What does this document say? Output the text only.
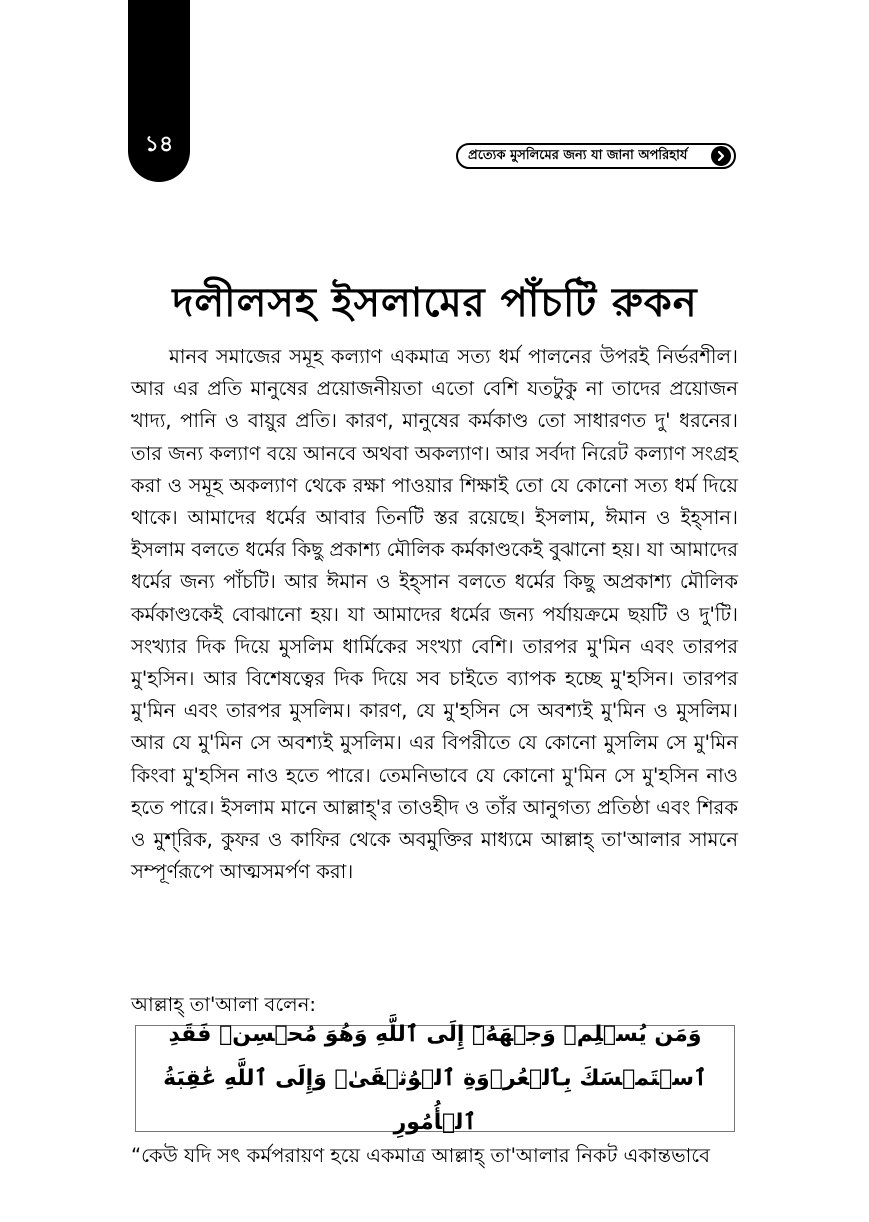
১৪	প্রত্যেক মুসলিমের জন্য যা জানা অপরিহার্য
দলীলসহ ইসলামের পাঁচটি রুকন

মানব সমাজের সমূহ কল্যাণ একমাত্র সত্য ধর্ম পালনের উপরই নির্ভরশীল। আর এর প্রতি মানুষের প্রয়োজনীয়তা এতো বেশি যতটুকু না তাদের প্রয়োজন খাদ্য, পানি ও বায়ুর প্রতি। কারণ, মানুষের কর্মকাণ্ড তো সাধারণত দু' ধরনের। তার জন্য কল্যাণ বয়ে আনবে অথবা অকল্যাণ। আর সর্বদা নিরেট কল্যাণ সংগ্রহ করা ও সমূহ অকল্যাণ থেকে রক্ষা পাওয়ার শিক্ষাই তো যে কোনো সত্য ধর্ম দিয়ে থাকে। আমাদের ধর্মের আবার তিনটি স্তর রয়েছে। ইসলাম, ঈমান ও ইহ্সান। ইসলাম বলতে ধর্মের কিছু প্রকাশ্য মৌলিক কর্মকাণ্ডকেই বুঝানো হয়। যা আমাদের ধর্মের জন্য পাঁচটি। আর ঈমান ও ইহ্সান বলতে ধর্মের কিছু অপ্রকাশ্য মৌলিক কর্মকাণ্ডকেই বোঝানো হয়। যা আমাদের ধর্মের জন্য পর্যায়ক্রমে ছয়টি ও দু'টি। সংখ্যার দিক দিয়ে মুসলিম ধার্মিকের সংখ্যা বেশি। তারপর মু'মিন এবং তারপর মু'হসিন। আর বিশেষত্বের দিক দিয়ে সব চাইতে ব্যাপক হচ্ছে মু'হসিন। তারপর মু'মিন এবং তারপর মুসলিম। কারণ, যে মু'হসিন সে অবশ্যই মু'মিন ও মুসলিম। আর যে মু'মিন সে অবশ্যই মুসলিম। এর বিপরীতে যে কোনো মুসলিম সে মু'মিন কিংবা মু'হসিন নাও হতে পারে। তেমনিভাবে যে কোনো মু'মিন সে মু'হসিন নাও হতে পারে। ইসলাম মানে আল্লাহ্'র তাওহীদ ও তাঁর আনুগত্য প্রতিষ্ঠা এবং শিরক ও মুশ্‌রিক, কুফর ও কাফির থেকে অবমুক্তির মাধ্যমে আল্লাহ্ তা'আলার সামনে সম্পূর্ণরূপে আত্মসমর্পণ করা।

আল্লাহ্ তা'আলা বলেন:

وَمَن يُسۡلِمۡ وَجۡهَهُۥٓ إِلَى ٱللَّهِ وَهُوَ مُحۡسِنٞ فَقَدِ ٱسۡتَمۡسَكَ بِٱلۡعُرۡوَةِ ٱلۡوُثۡقَىٰۗ وَإِلَى ٱللَّهِ عَٰقِبَةُ ٱلۡأُمُورِ

“কেউ যদি সৎ কর্মপরায়ণ হয়ে একমাত্র আল্লাহ্ তা'আলার নিকট একান্তভাবে
